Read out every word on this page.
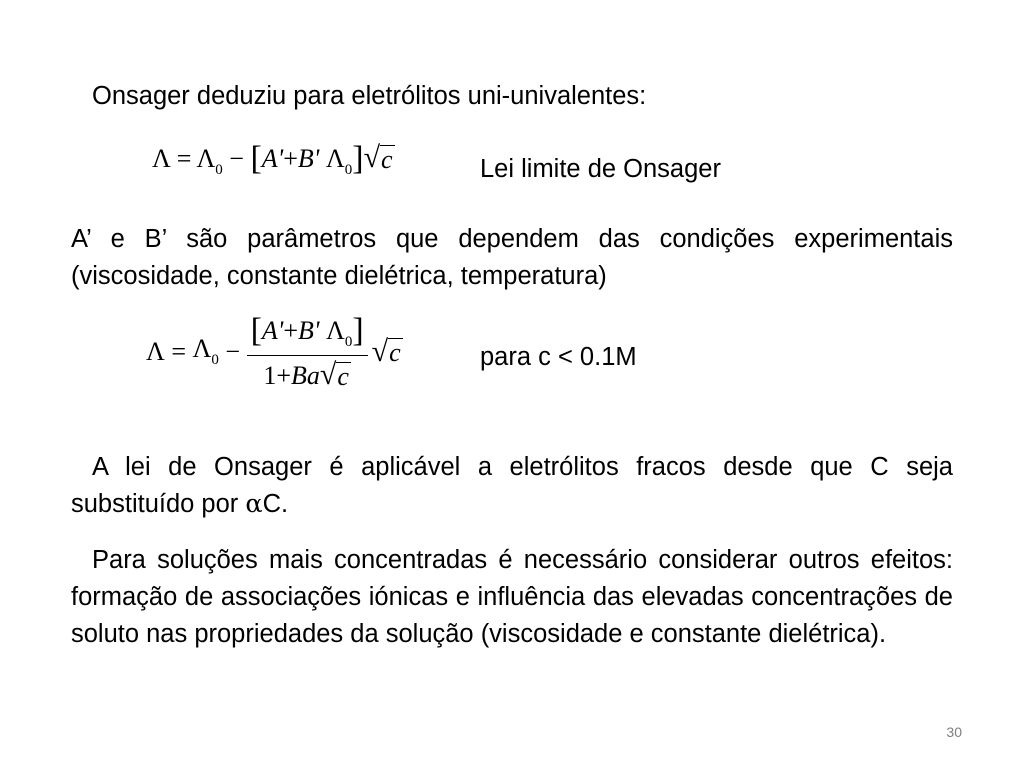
Onsager deduziu para eletrólitos uni-univalentes:
$\Lambda = \Lambda_0 - [A'+B'$ $\Lambda_0$] √ c	Lei limite de Onsager
A’ e B’ são parâmetros que dependem das condições experimentais (viscosidade, constante dielétrica, temperatura)
Λ
=
$\Lambda_0$
−
$\frac{[A'+B' \Lambda_0]}{1+Ba √ c}$ √ c	para c < 0.1M
A lei de Onsager é aplicável a eletrólitos fracos desde que C seja substituído por αC.
Para soluções mais concentradas é necessário considerar outros efeitos: formação de associações iónicas e influência das elevadas concentrações de soluto nas propriedades da solução (viscosidade e constante dielétrica).
30
